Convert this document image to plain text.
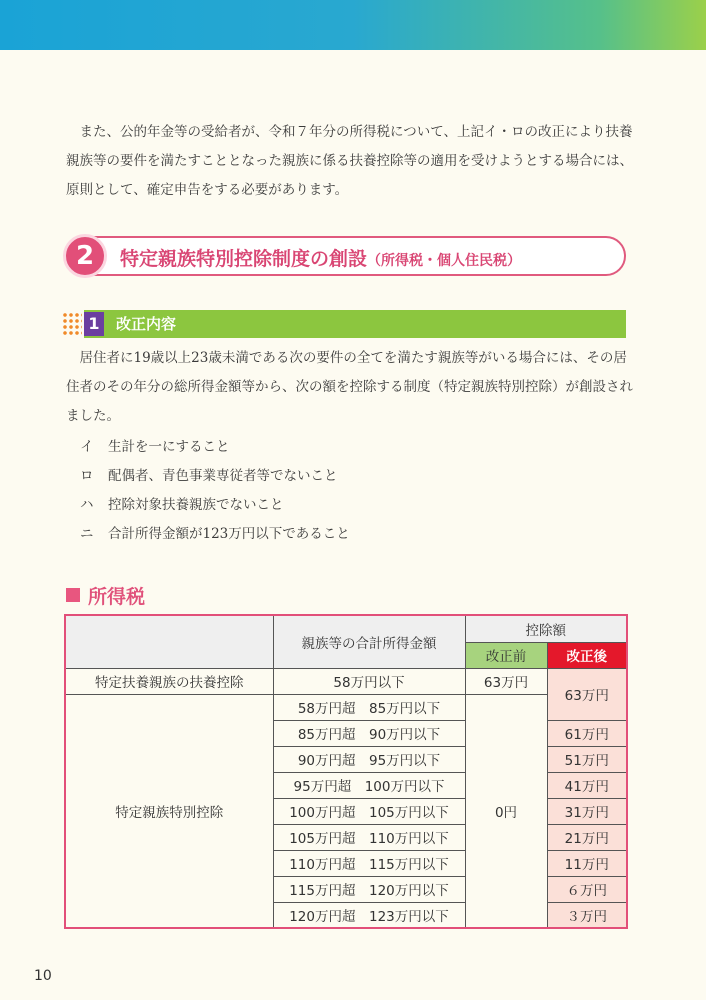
また、公的年金等の受給者が、令和７年分の所得税について、上記イ・ロの改正により扶養親族等の要件を満たすこととなった親族に係る扶養控除等の適用を受けようとする場合には、原則として、確定申告をする必要があります。

2	特定親族特別控除制度の創設（所得税・個人住民税）
1 改正内容

居住者に19歳以上23歳未満である次の要件の全てを満たす親族等がいる場合には、その居住者のその年分の総所得金額等から、次の額を控除する制度（特定親族特別控除）が創設されました。

イ 生計を一にすること
ロ 配偶者、青色事業専従者等でないこと
ハ 控除対象扶養親族でないこと
ニ 合計所得金額が123万円以下であること
所得税
	親族等の合計所得金額	控除額	
		改正前	改正後
特定扶養親族の扶養控除	58万円以下	63万円	63万円
特定親族特別控除	58万円超　85万円以下	0円	
	85万円超　90万円以下		61万円
	90万円超　95万円以下		51万円
	95万円超　100万円以下		41万円
	100万円超　105万円以下		31万円
	105万円超　110万円以下		21万円
	110万円超　115万円以下		11万円
	115万円超　120万円以下		６万円
	120万円超　123万円以下		３万円
10
